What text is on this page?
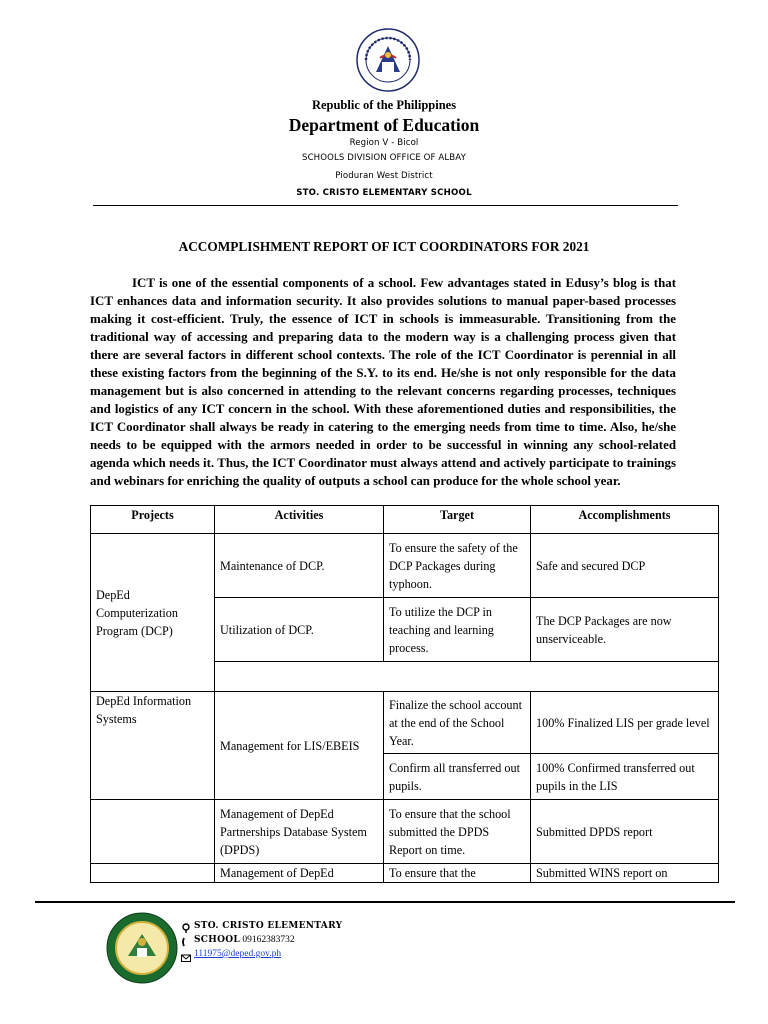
Republic of the Philippines
Department of Education
Region V - Bicol
SCHOOLS DIVISION OFFICE OF ALBAY
Pioduran West District
STO. CRISTO ELEMENTARY SCHOOL
ACCOMPLISHMENT REPORT OF ICT COORDINATORS FOR 2021

ICT is one of the essential components of a school. Few advantages stated in Edusy’s blog is that ICT enhances data and information security. It also provides solutions to manual paper-based processes making it cost-efficient. Truly, the essence of ICT in schools is immeasurable. Transitioning from the traditional way of accessing and preparing data to the modern way is a challenging process given that there are several factors in different school contexts. The role of the ICT Coordinator is perennial in all these existing factors from the beginning of the S.Y. to its end. He/she is not only responsible for the data management but is also concerned in attending to the relevant concerns regarding processes, techniques and logistics of any ICT concern in the school. With these aforementioned duties and responsibilities, the ICT Coordinator shall always be ready in catering to the emerging needs from time to time. Also, he/she needs to be equipped with the armors needed in order to be successful in winning any school-related agenda which needs it. Thus, the ICT Coordinator must always attend and actively participate to trainings and webinars for enriching the quality of outputs a school can produce for the whole school year.

Projects	Activities	Target	Accomplishments
DepEd Computerization Program (DCP)	Maintenance of DCP.	To ensure the safety of the DCP Packages during typhoon.	Safe and secured DCP
	Utilization of DCP.	To utilize the DCP in teaching and learning process.	The DCP Packages are now unserviceable.

DepEd Information Systems	Management for LIS/EBEIS	Finalize the school account at the end of the School Year.	100% Finalized LIS per grade level
		Confirm all transferred out pupils.	100% Confirmed transferred out pupils in the LIS
	Management of DepEd Partnerships Database System (DPDS)	To ensure that the school submitted the DPDS Report on time.	Submitted DPDS report
	Management of DepEd	To ensure that the	Submitted WINS report on
STO. CRISTO ELEMENTARY
SCHOOL 09162383732
111975@deped.gov.ph
